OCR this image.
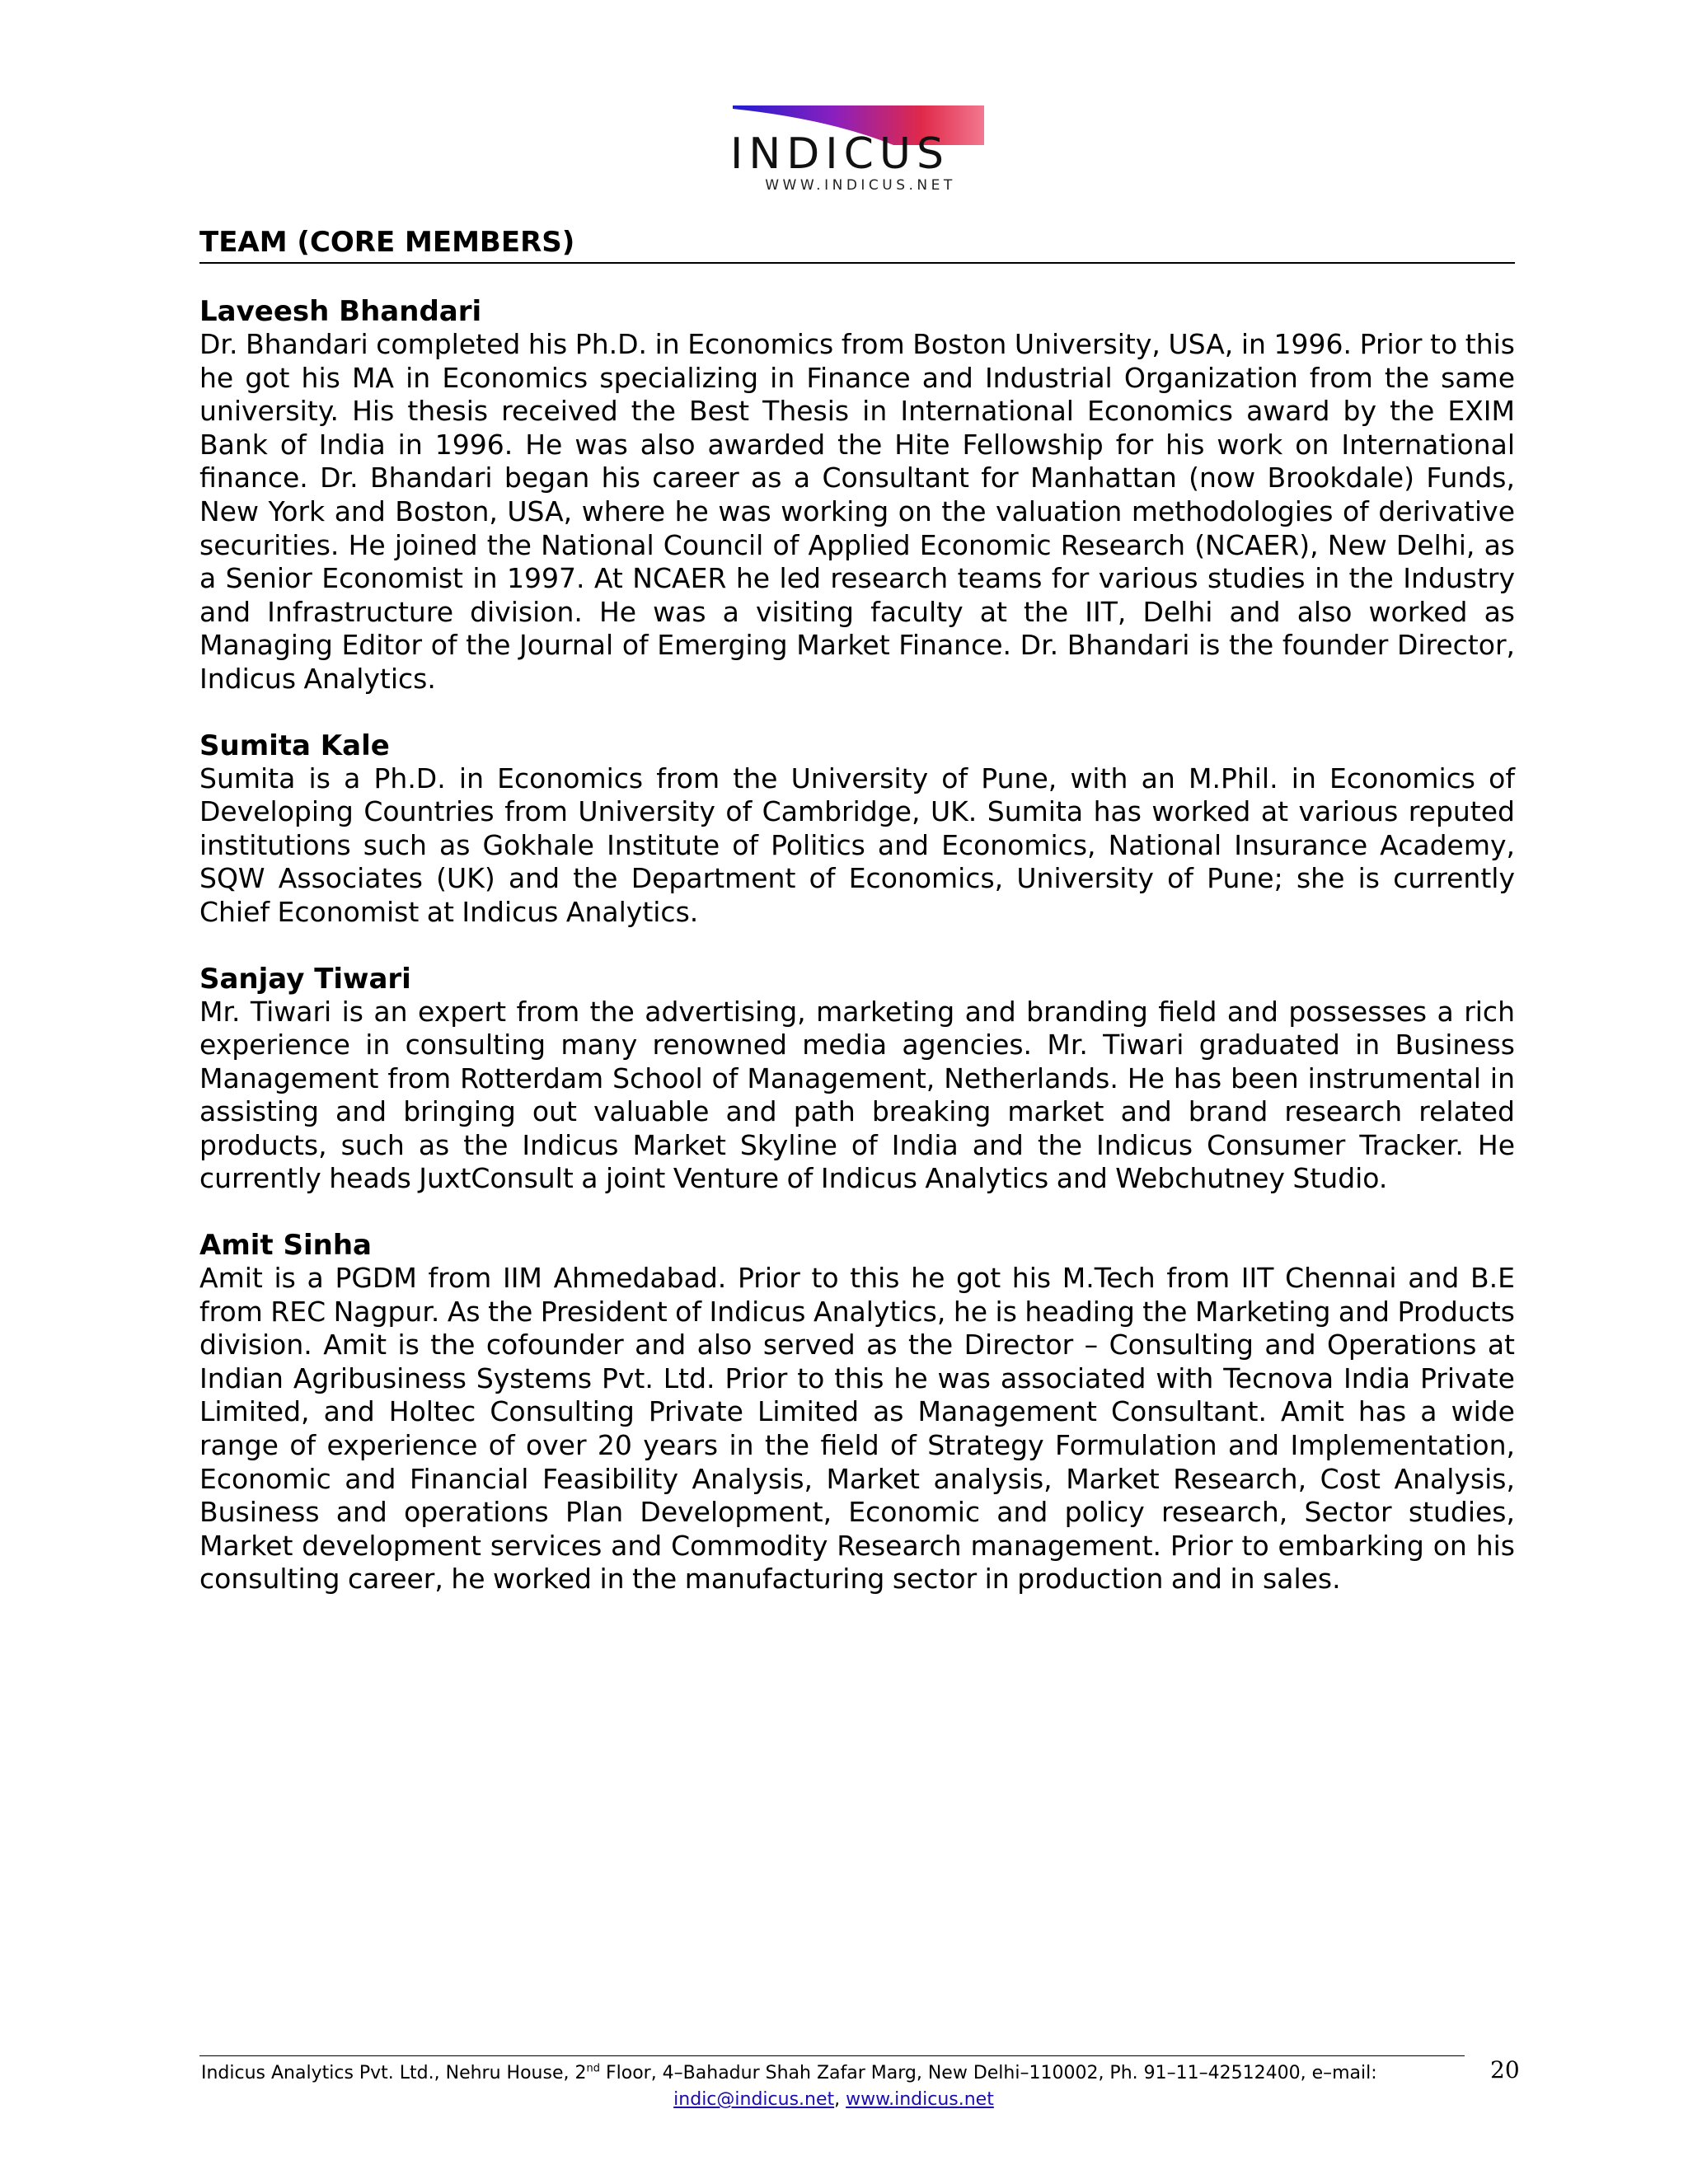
INDICUS
WWW.INDICUS.NET
TEAM (CORE MEMBERS)
Laveesh Bhandari
Dr. Bhandari completed his Ph.D. in Economics from Boston University, USA, in 1996. Prior to this he got his MA in Economics specializing in Finance and Industrial Organization from the same university. His thesis received the Best Thesis in International Economics award by the EXIM Bank of India in 1996. He was also awarded the Hite Fellowship for his work on International finance. Dr. Bhandari began his career as a Consultant for Manhattan (now Brookdale) Funds, New York and Boston, USA, where he was working on the valuation methodologies of derivative securities. He joined the National Council of Applied Economic Research (NCAER), New Delhi, as a Senior Economist in 1997. At NCAER he led research teams for various studies in the Industry and Infrastructure division. He was a visiting faculty at the IIT, Delhi and also worked as Managing Editor of the Journal of Emerging Market Finance. Dr. Bhandari is the founder Director, Indicus Analytics.
Sumita Kale
Sumita is a Ph.D. in Economics from the University of Pune, with an M.Phil. in Economics of Developing Countries from University of Cambridge, UK. Sumita has worked at various reputed institutions such as Gokhale Institute of Politics and Economics, National Insurance Academy, SQW Associates (UK) and the Department of Economics, University of Pune; she is currently Chief Economist at Indicus Analytics.
Sanjay Tiwari
Mr. Tiwari is an expert from the advertising, marketing and branding field and possesses a rich experience in consulting many renowned media agencies. Mr. Tiwari graduated in Business Management from Rotterdam School of Management, Netherlands. He has been instrumental in assisting and bringing out valuable and path breaking market and brand research related products, such as the Indicus Market Skyline of India and the Indicus Consumer Tracker. He currently heads JuxtConsult a joint Venture of Indicus Analytics and Webchutney Studio.
Amit Sinha
Amit is a PGDM from IIM Ahmedabad. Prior to this he got his M.Tech from IIT Chennai and B.E from REC Nagpur. As the President of Indicus Analytics, he is heading the Marketing and Products division. Amit is the cofounder and also served as the Director – Consulting and Operations at Indian Agribusiness Systems Pvt. Ltd. Prior to this he was associated with Tecnova India Private Limited, and Holtec Consulting Private Limited as Management Consultant. Amit has a wide range of experience of over 20 years in the field of Strategy Formulation and Implementation, Economic and Financial Feasibility Analysis, Market analysis, Market Research, Cost Analysis, Business and operations Plan Development, Economic and policy research, Sector studies, Market development services and Commodity Research management. Prior to embarking on his consulting career, he worked in the manufacturing sector in production and in sales.
Indicus Analytics Pvt. Ltd., Nehru House, 2nd Floor, 4–Bahadur Shah Zafar Marg, New Delhi–110002, Ph. 91–11–42512400, e–mail:
indic@indicus.net, www.indicus.net
20
